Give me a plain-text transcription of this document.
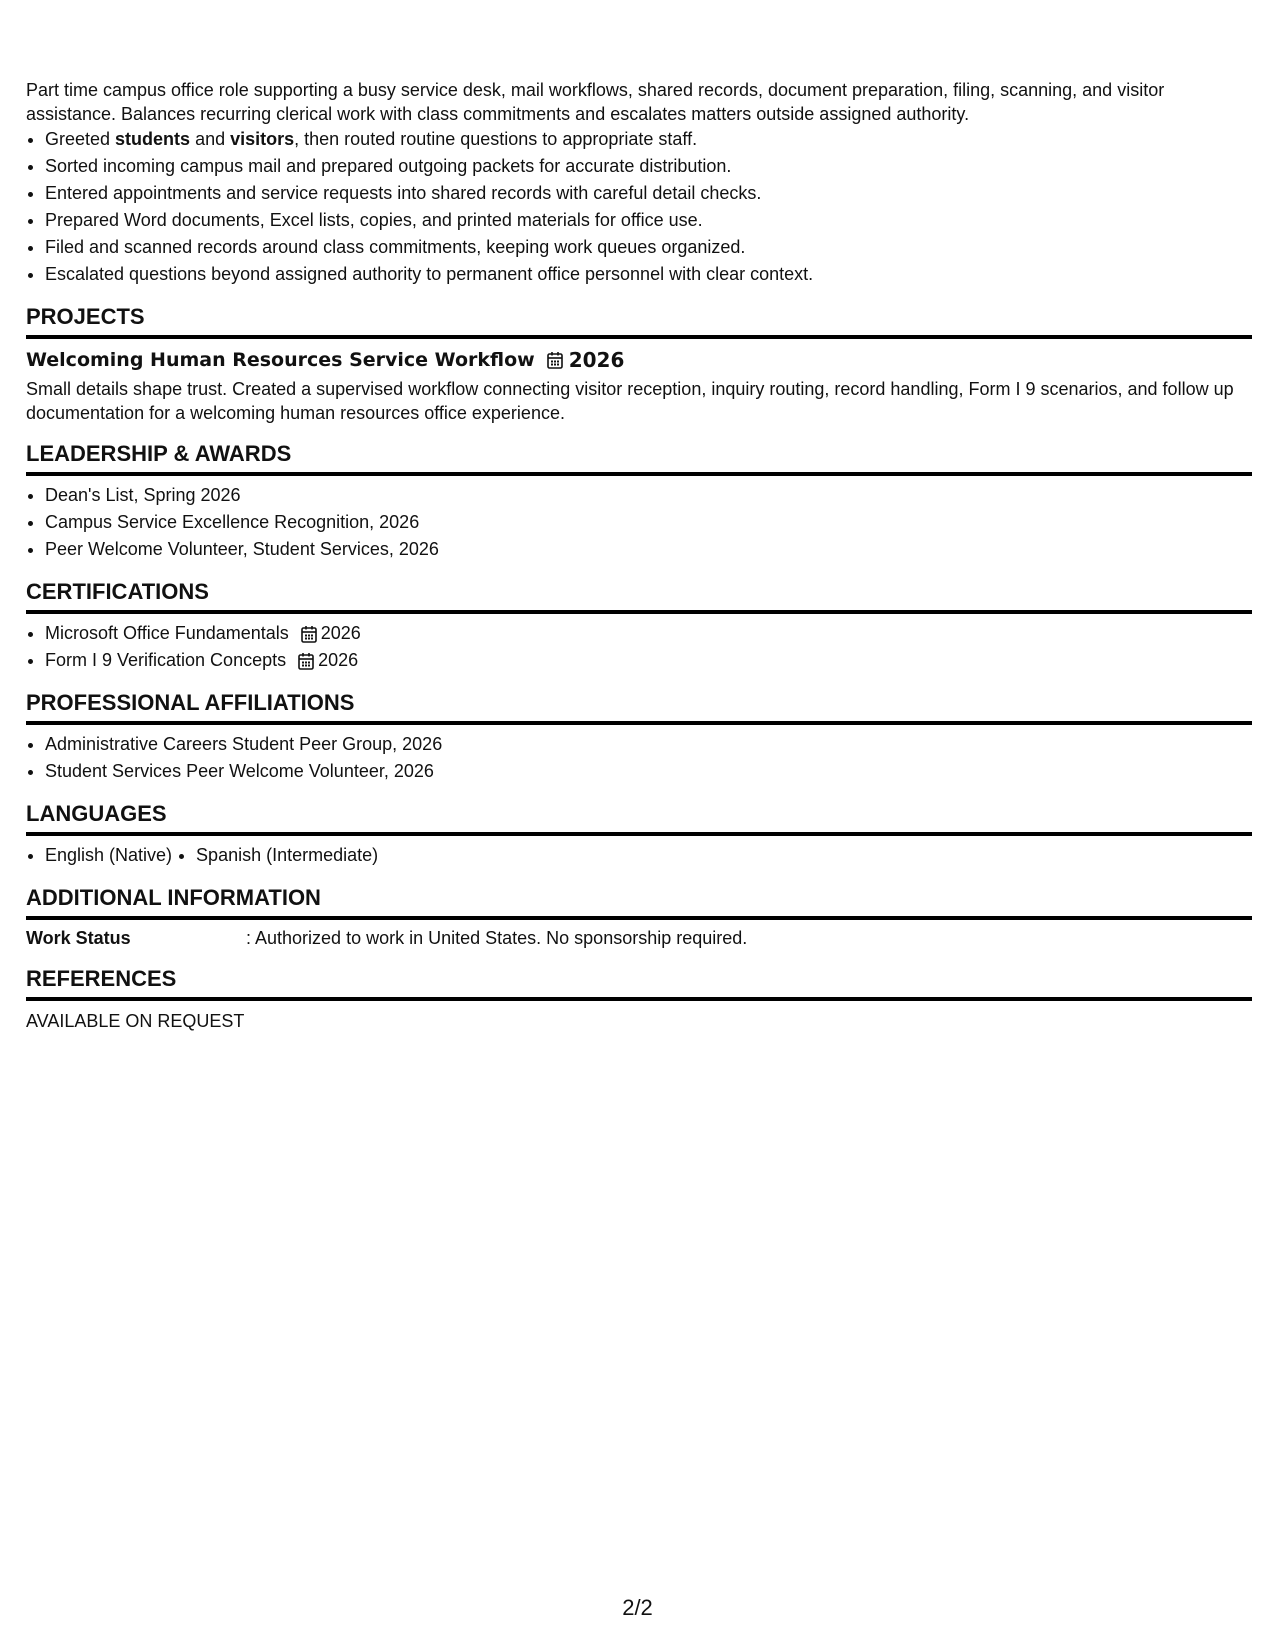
Part time campus office role supporting a busy service desk, mail workflows, shared records, document preparation, filing, scanning, and visitor assistance. Balances recurring clerical work with class commitments and escalates matters outside assigned authority.

• Greeted students and visitors, then routed routine questions to appropriate staff.
• Sorted incoming campus mail and prepared outgoing packets for accurate distribution.
• Entered appointments and service requests into shared records with careful detail checks.
• Prepared Word documents, Excel lists, copies, and printed materials for office use.
• Filed and scanned records around class commitments, keeping work queues organized.
• Escalated questions beyond assigned authority to permanent office personnel with clear context.
PROJECTS
Welcoming Human Resources Service Workflow 2026

Small details shape trust. Created a supervised workflow connecting visitor reception, inquiry routing, record handling, Form I 9 scenarios, and follow up documentation for a welcoming human resources office experience.

LEADERSHIP & AWARDS
• Dean's List, Spring 2026
• Campus Service Excellence Recognition, 2026
• Peer Welcome Volunteer, Student Services, 2026
CERTIFICATIONS
• Microsoft Office Fundamentals 2026
• Form I 9 Verification Concepts 2026
PROFESSIONAL AFFILIATIONS
• Administrative Careers Student Peer Group, 2026
• Student Services Peer Welcome Volunteer, 2026
LANGUAGES
• English (Native)
• Spanish (Intermediate)
ADDITIONAL INFORMATION
Work Status	: Authorized to work in United States. No sponsorship required.
REFERENCES
AVAILABLE ON REQUEST
2/2
